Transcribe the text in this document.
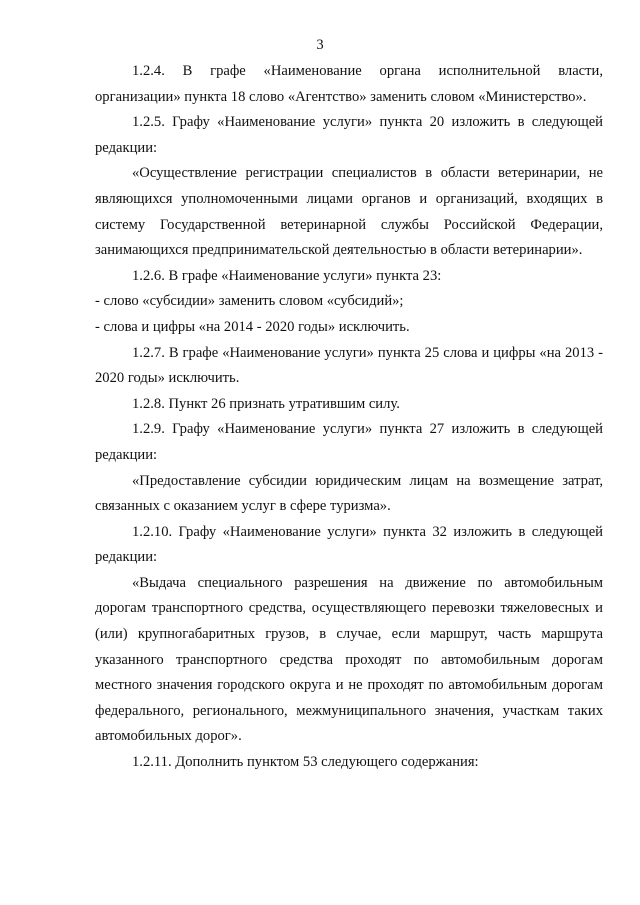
3

1.2.4. В графе «Наименование органа исполнительной власти, организации» пункта 18 слово «Агентство» заменить словом «Министерство».

1.2.5. Графу «Наименование услуги» пункта 20 изложить в следующей редакции:

«Осуществление регистрации специалистов в области ветеринарии, не являющихся уполномоченными лицами органов и организаций, входящих в систему Государственной ветеринарной службы Российской Федерации, занимающихся предпринимательской деятельностью в области ветеринарии».

1.2.6. В графе «Наименование услуги» пункта 23:

- слово «субсидии» заменить словом «субсидий»;

- слова и цифры «на 2014 - 2020 годы» исключить.

1.2.7. В графе «Наименование услуги» пункта 25 слова и цифры «на 2013 - 2020 годы» исключить.

1.2.8. Пункт 26 признать утратившим силу.

1.2.9. Графу «Наименование услуги» пункта 27 изложить в следующей редакции:

«Предоставление субсидии юридическим лицам на возмещение затрат, связанных с оказанием услуг в сфере туризма».

1.2.10. Графу «Наименование услуги» пункта 32 изложить в следующей редакции:

«Выдача специального разрешения на движение по автомобильным дорогам транспортного средства, осуществляющего перевозки тяжеловесных и (или) крупногабаритных грузов, в случае, если маршрут, часть маршрута указанного транспортного средства проходят по автомобильным дорогам местного значения городского округа и не проходят по автомобильным дорогам федерального, регионального, межмуниципального значения, участкам таких автомобильных дорог».

1.2.11. Дополнить пунктом 53 следующего содержания:
